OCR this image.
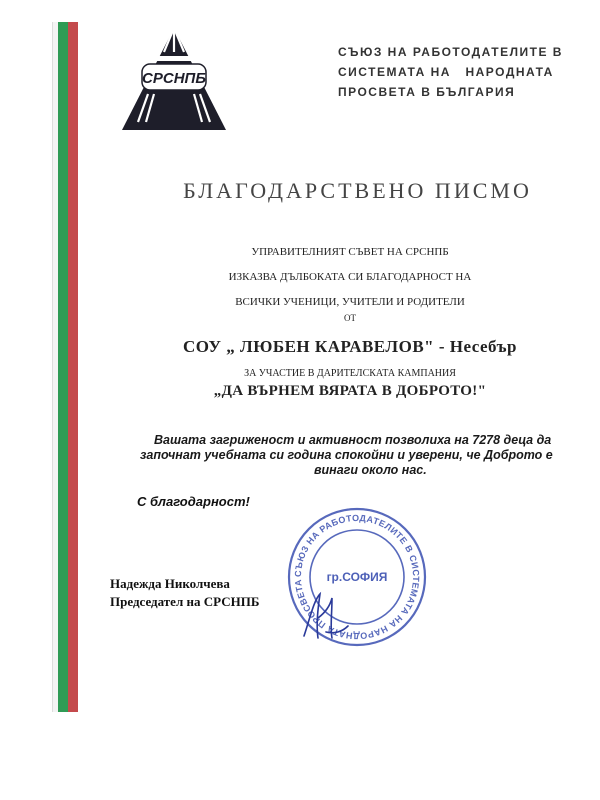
СРСНПБ
СЪЮЗ НА РАБОТОДАТЕЛИТЕ В
СИСТЕМАТА НА   НАРОДНАТА
ПРОСВЕТА В БЪЛГАРИЯ
БЛАГОДАРСТВЕНО ПИСМО
УПРАВИТЕЛНИЯТ СЪВЕТ НА СРСНПБ
ИЗКАЗВА ДЪЛБОКАТА СИ БЛАГОДАРНОСТ НА
ВСИЧКИ УЧЕНИЦИ, УЧИТЕЛИ И РОДИТЕЛИ
ОТ
СОУ „ ЛЮБЕН КАРАВЕЛОВ" - Несебър
ЗА УЧАСТИЕ В ДАРИТЕЛСКАТА КАМПАНИЯ
„ДА ВЪРНЕМ ВЯРАТА В ДОБРОТО!"
Вашата загриженост и активност позволиха на 7278 деца да
започнат учебната си година спокойни и уверени, че Доброто е
винаги около нас.
С благодарност!
СЪЮЗ НА РАБОТОДАТЕЛИТЕ В СИСТЕМАТА НА НАРОДНАТА ПРОСВЕТА	гр.СОФИЯ
Надежда Николчева
Председател на СРСНПБ
